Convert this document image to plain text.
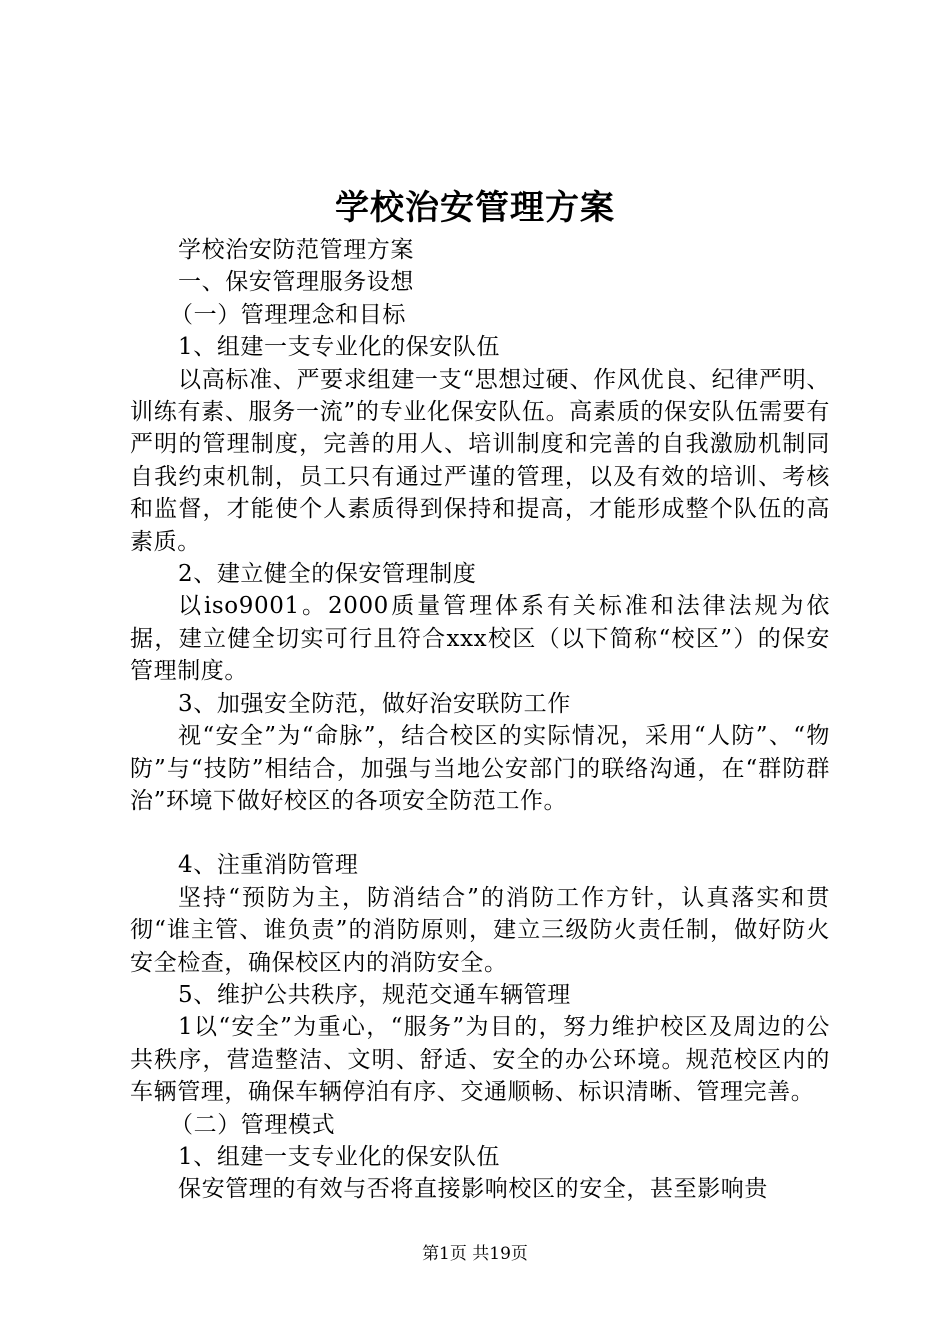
学校治安管理方案

学校治安防范管理方案

一、保安管理服务设想

（一）管理理念和目标

1、组建一支专业化的保安队伍

以高标准、严要求组建一支“思想过硬、作风优良、纪律严明、训练有素、服务一流”的专业化保安队伍。高素质的保安队伍需要有严明的管理制度，完善的用人、培训制度和完善的自我激励机制同自我约束机制，员工只有通过严谨的管理，以及有效的培训、考核和监督，才能使个人素质得到保持和提高，才能形成整个队伍的高素质。

2、建立健全的保安管理制度

以iso9001。2000质量管理体系有关标准和法律法规为依据，建立健全切实可行且符合xxx校区（以下简称“校区”）的保安管理制度。

3、加强安全防范，做好治安联防工作

视“安全”为“命脉”，结合校区的实际情况，采用“人防”、“物防”与“技防”相结合，加强与当地公安部门的联络沟通，在“群防群治”环境下做好校区的各项安全防范工作。

4、注重消防管理

坚持“预防为主，防消结合”的消防工作方针，认真落实和贯彻“谁主管、谁负责”的消防原则，建立三级防火责任制，做好防火安全检查，确保校区内的消防安全。

5、维护公共秩序，规范交通车辆管理

1以“安全”为重心，“服务”为目的，努力维护校区及周边的公共秩序，营造整洁、文明、舒适、安全的办公环境。规范校区内的车辆管理，确保车辆停泊有序、交通顺畅、标识清晰、管理完善。

（二）管理模式

1、组建一支专业化的保安队伍

保安管理的有效与否将直接影响校区的安全，甚至影响贵

第1页 共19页
